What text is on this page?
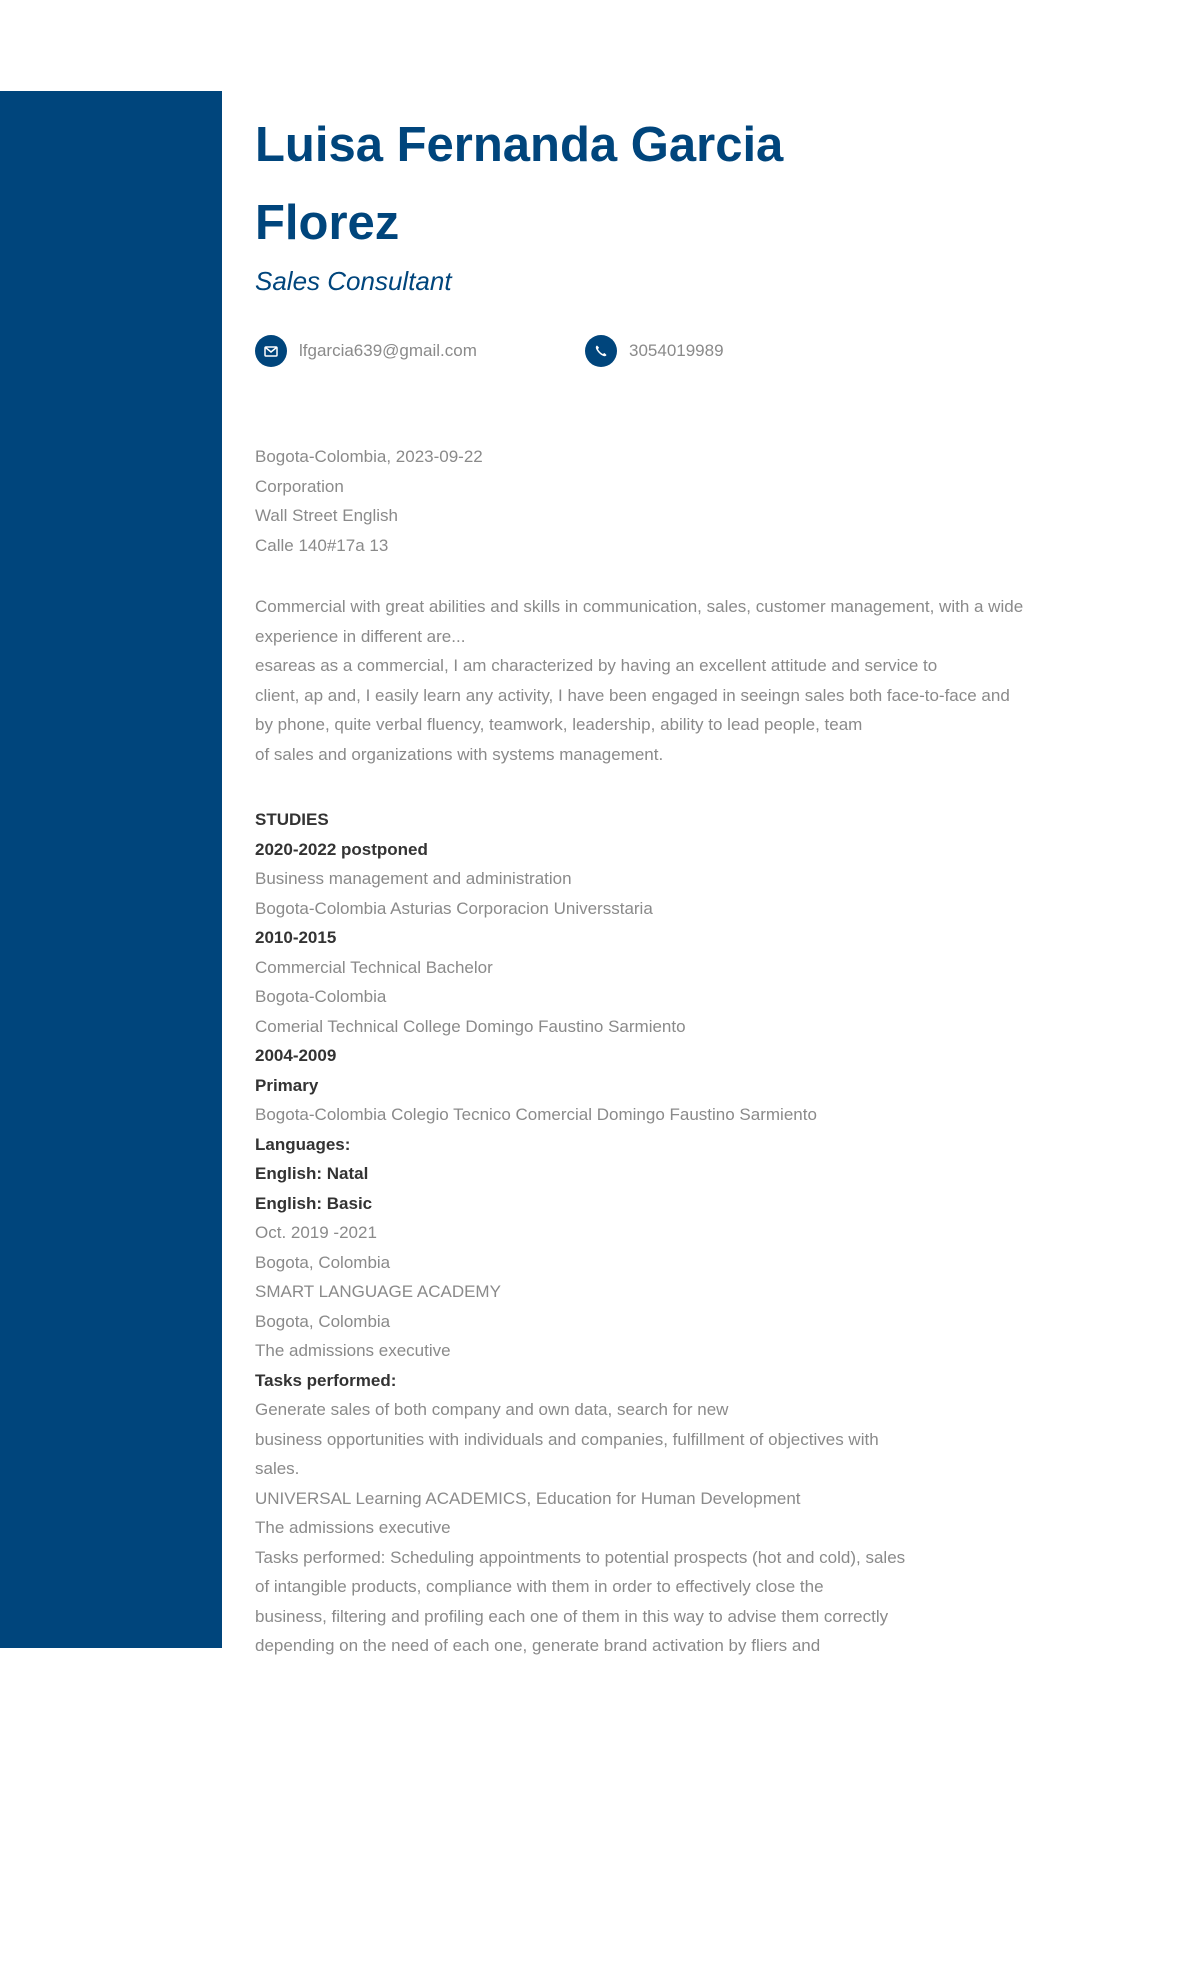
Luisa Fernanda Garcia
Florez
Sales Consultant
lfgarcia639@gmail.com	3054019989
Bogota-Colombia, 2023-09-22
Corporation
Wall Street English
Calle 140#17a 13
Commercial with great abilities and skills in communication, sales, customer management, with a wide
experience in different are...
esareas as a commercial, I am characterized by having an excellent attitude and service to
client, ap and, I easily learn any activity, I have been engaged in seeingn sales both face-to-face and
by phone, quite verbal fluency, teamwork, leadership, ability to lead people, team
of sales and organizations with systems management.
STUDIES
2020-2022 postponed
Business management and administration
Bogota-Colombia Asturias Corporacion Universstaria
2010-2015
Commercial Technical Bachelor
Bogota-Colombia
Comerial Technical College Domingo Faustino Sarmiento
2004-2009
Primary
Bogota-Colombia Colegio Tecnico Comercial Domingo Faustino Sarmiento
Languages:
English: Natal
English: Basic
Oct. 2019 -2021
Bogota, Colombia
SMART LANGUAGE ACADEMY
Bogota, Colombia
The admissions executive
Tasks performed:
Generate sales of both company and own data, search for new
business opportunities with individuals and companies, fulfillment of objectives with
sales.
UNIVERSAL Learning ACADEMICS, Education for Human Development
The admissions executive
Tasks performed: Scheduling appointments to potential prospects (hot and cold), sales
of intangible products, compliance with them in order to effectively close the
business, filtering and profiling each one of them in this way to advise them correctly
depending on the need of each one, generate brand activation by fliers and
